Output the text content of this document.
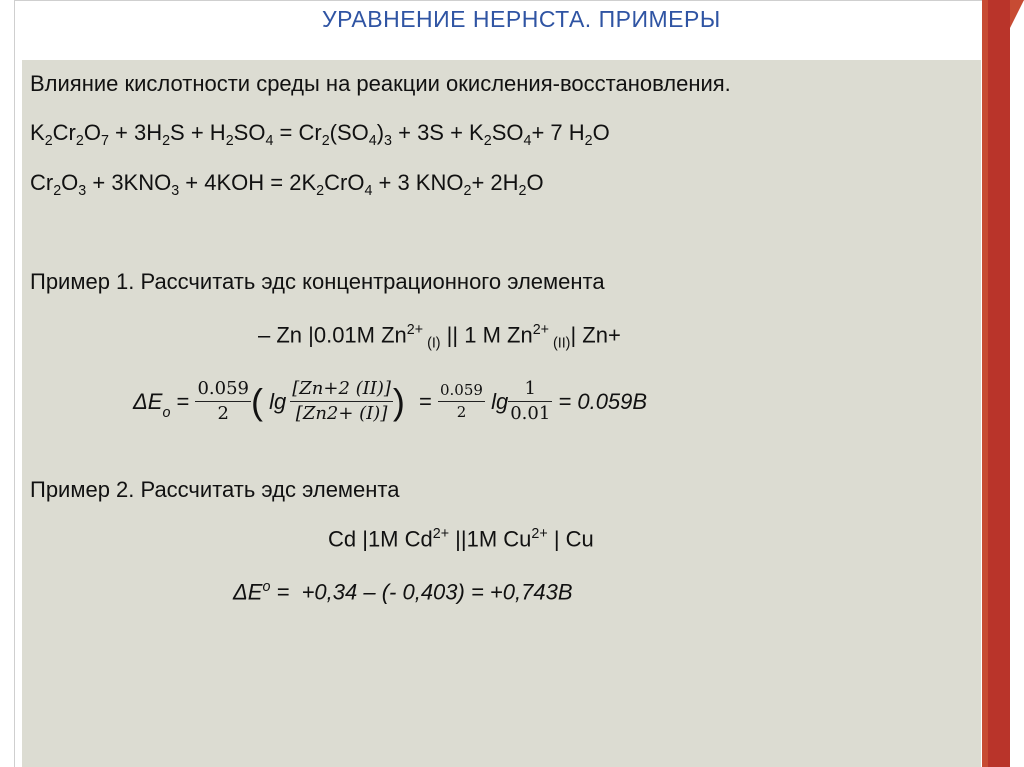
УРАВНЕНИЕ НЕРНСТА. ПРИМЕРЫ
Влияние кислотности среды на реакции окисления-восстановления.
$K_2Cr_2O_7 + 3H_2S + H_2SO_4 = Cr_2(SO_4)_3 + 3S + K_2SO_4+ 7$ $H_2O$
$Cr_2O_3 + 3KNO_3 + 4KOH = 2K_2CrO_4 + 3$ $KNO_2+ 2H_2O$
Пример 1. Рассчитать эдс концентрационного элемента
– Zn |0.01M $Zn^{2+}$ $_{(I)}$ || 1 M $Zn^{2+}$ $_{(II)}$| Zn+
$\Delta E_o = \frac{0.059}{2}$ ( $\lg \frac{[Zn+2 (II)]}{[Zn2+ (I)]}$ ) = $\frac{0.059}{2}$ $\lg \frac{1}{0.01} = 0.059B$
Пример 2. Рассчитать эдс элемента
Cd |1M $Cd^{2+}$ ||1M $Cu^{2+}$ | Cu
$\Delta E^o = +0,34$ – (- 0,403) = +0,743B
